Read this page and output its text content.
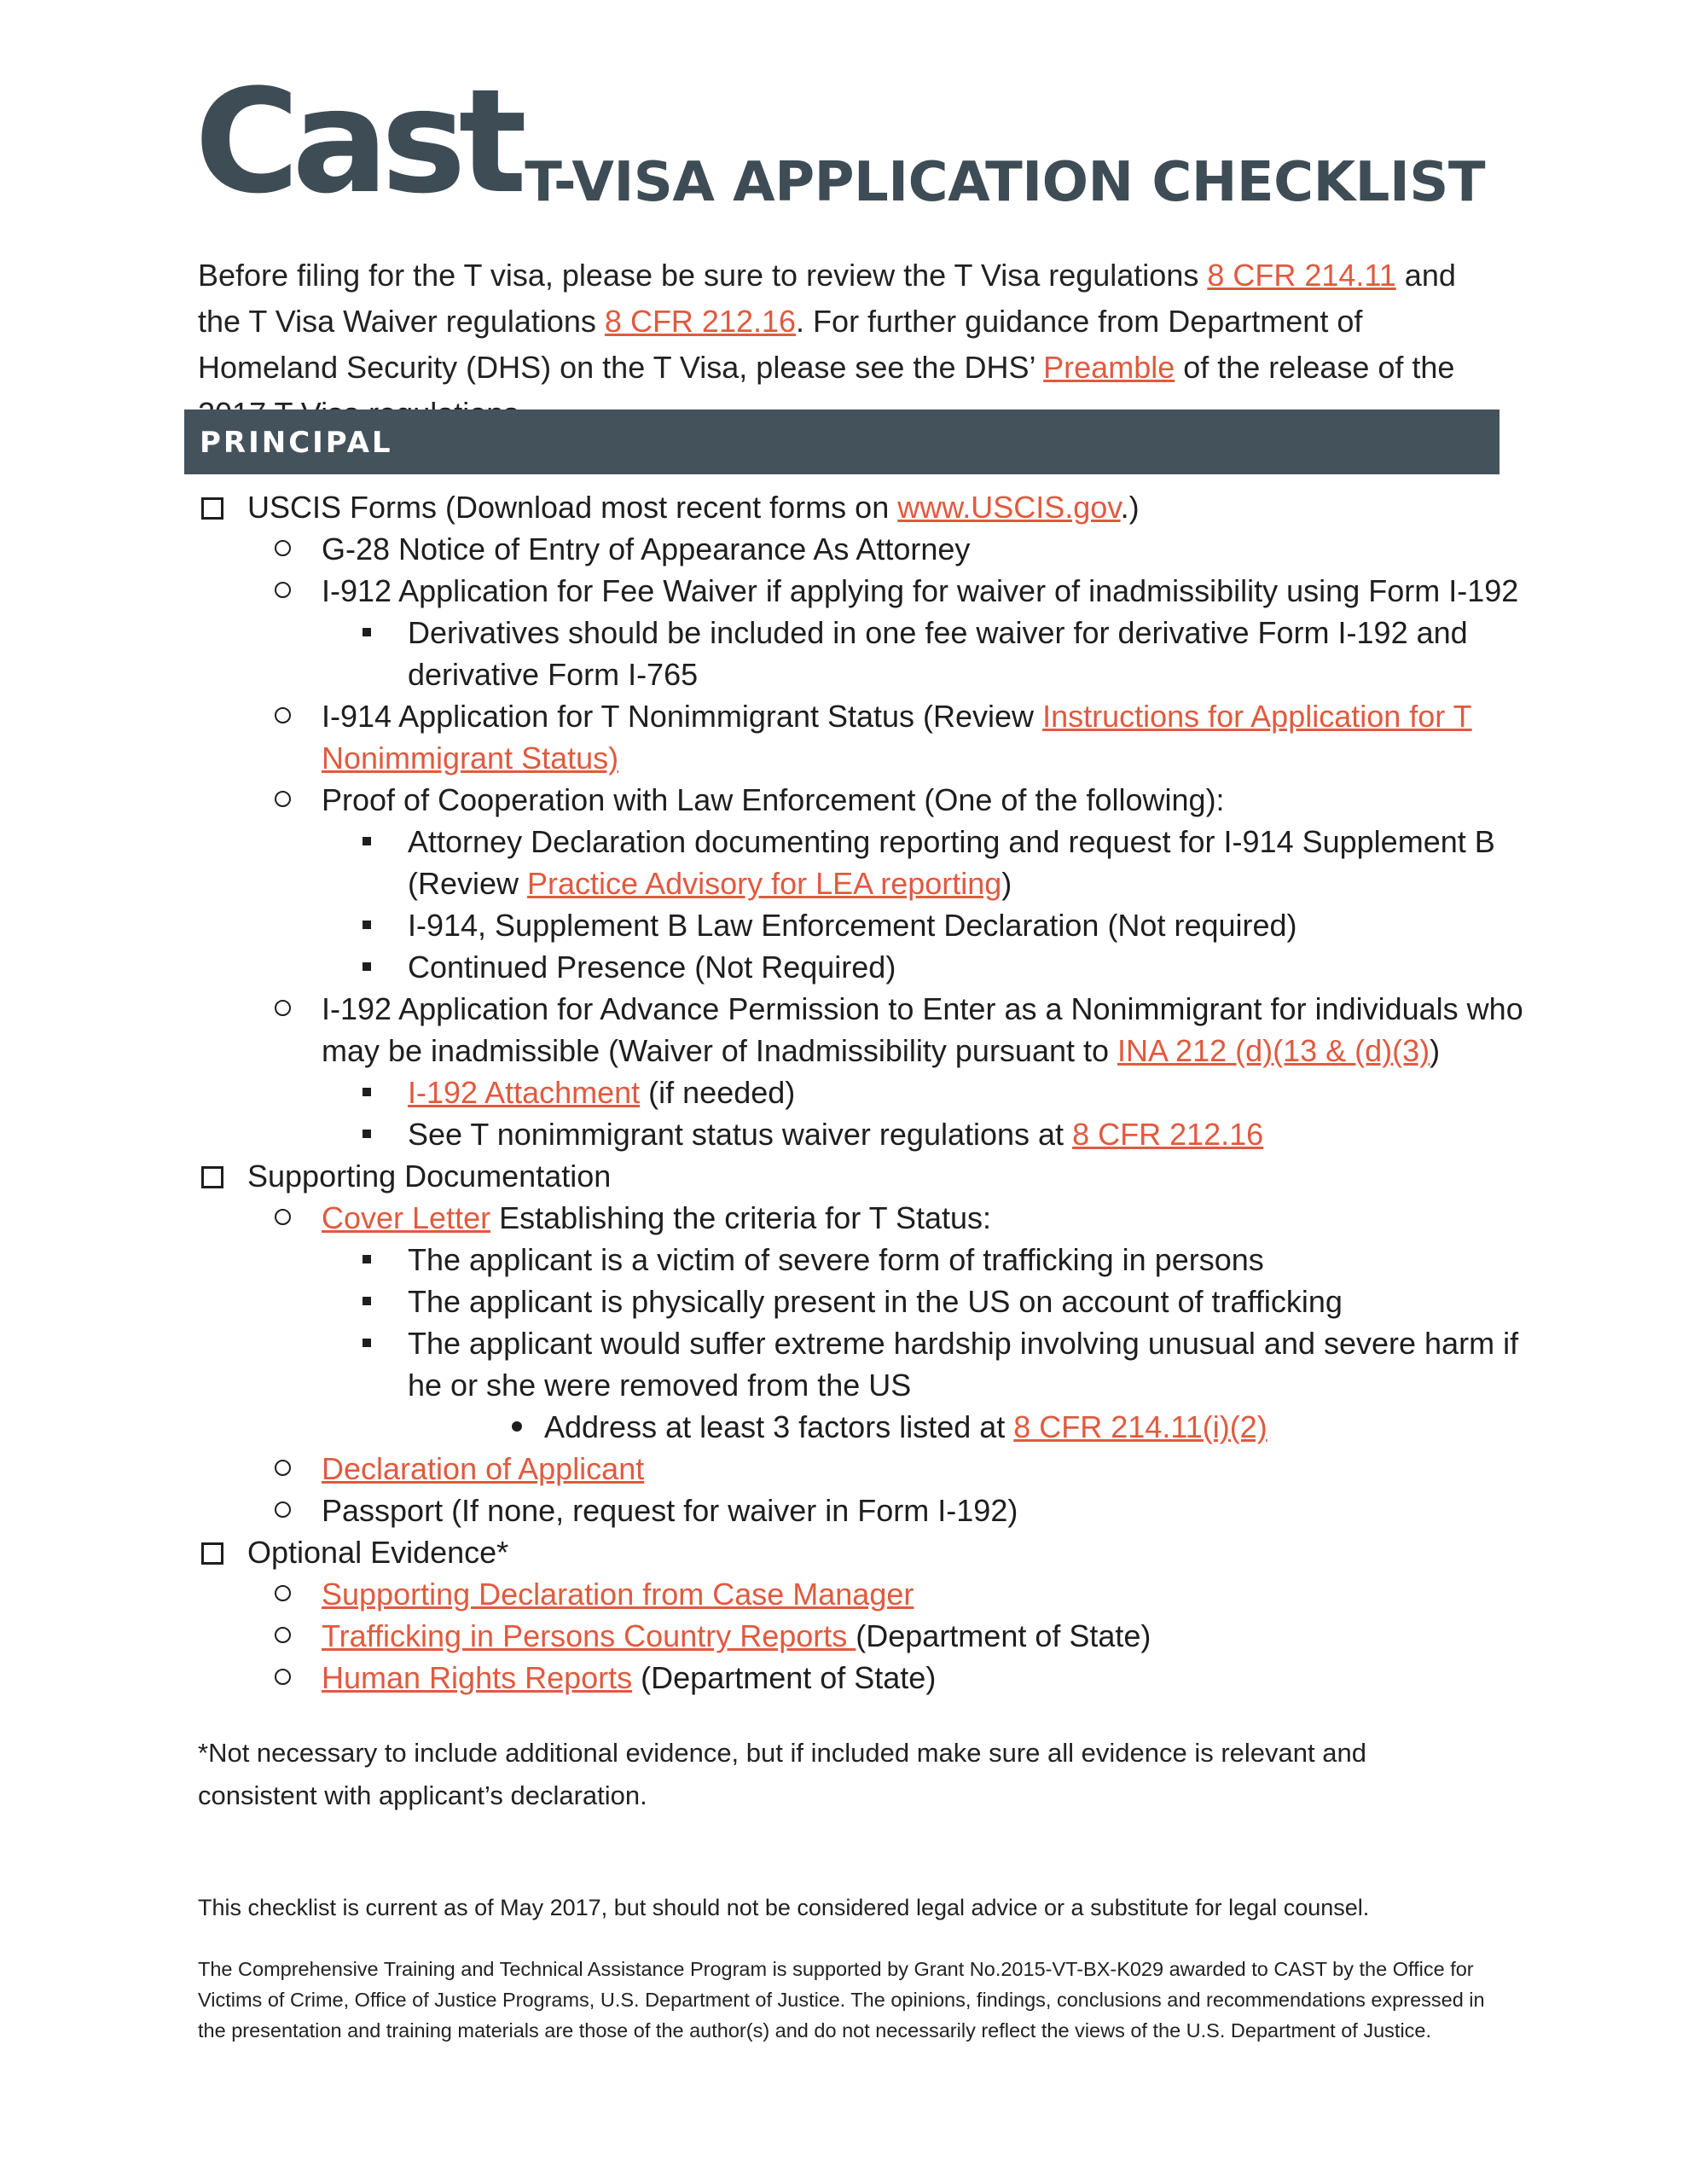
Cast T-VISA APPLICATION CHECKLIST
Before filing for the T visa, please be sure to review the T Visa regulations 8 CFR 214.11 and the T Visa Waiver regulations 8 CFR 212.16. For further guidance from Department of Homeland Security (DHS) on the T Visa, please see the DHS’ Preamble of the release of the
PRINCIPAL
USCIS Forms (Download most recent forms on www.USCIS.gov.)
G-28 Notice of Entry of Appearance As Attorney
I-912 Application for Fee Waiver if applying for waiver of inadmissibility using Form I-192
Derivatives should be included in one fee waiver for derivative Form I-192 and
derivative Form I-765
I-914 Application for T Nonimmigrant Status (Review Instructions for Application for T
Nonimmigrant Status)
Proof of Cooperation with Law Enforcement (One of the following):
Attorney Declaration documenting reporting and request for I-914 Supplement B
(Review Practice Advisory for LEA reporting)
I-914, Supplement B Law Enforcement Declaration (Not required)
Continued Presence (Not Required)
I-192 Application for Advance Permission to Enter as a Nonimmigrant for individuals who
may be inadmissible (Waiver of Inadmissibility pursuant to INA 212 (d)(13 & (d)(3))
I-192 Attachment (if needed)
See T nonimmigrant status waiver regulations at 8 CFR 212.16
Supporting Documentation
Cover Letter Establishing the criteria for T Status:
The applicant is a victim of severe form of trafficking in persons
The applicant is physically present in the US on account of trafficking
The applicant would suffer extreme hardship involving unusual and severe harm if
he or she were removed from the US
Address at least 3 factors listed at 8 CFR 214.11(i)(2)
Declaration of Applicant
Passport (If none, request for waiver in Form I-192)
Optional Evidence*
Supporting Declaration from Case Manager
Trafficking in Persons Country Reports (Department of State)
Human Rights Reports (Department of State)
*Not necessary to include additional evidence, but if included make sure all evidence is relevant and consistent with applicant’s declaration.
This checklist is current as of May 2017, but should not be considered legal advice or a substitute for legal counsel.
The Comprehensive Training and Technical Assistance Program is supported by Grant No.2015-VT-BX-K029 awarded to CAST by the Office for Victims of Crime, Office of Justice Programs, U.S. Department of Justice. The opinions, findings, conclusions and recommendations expressed in the presentation and training materials are those of the author(s) and do not necessarily reflect the views of the U.S. Department of Justice.
